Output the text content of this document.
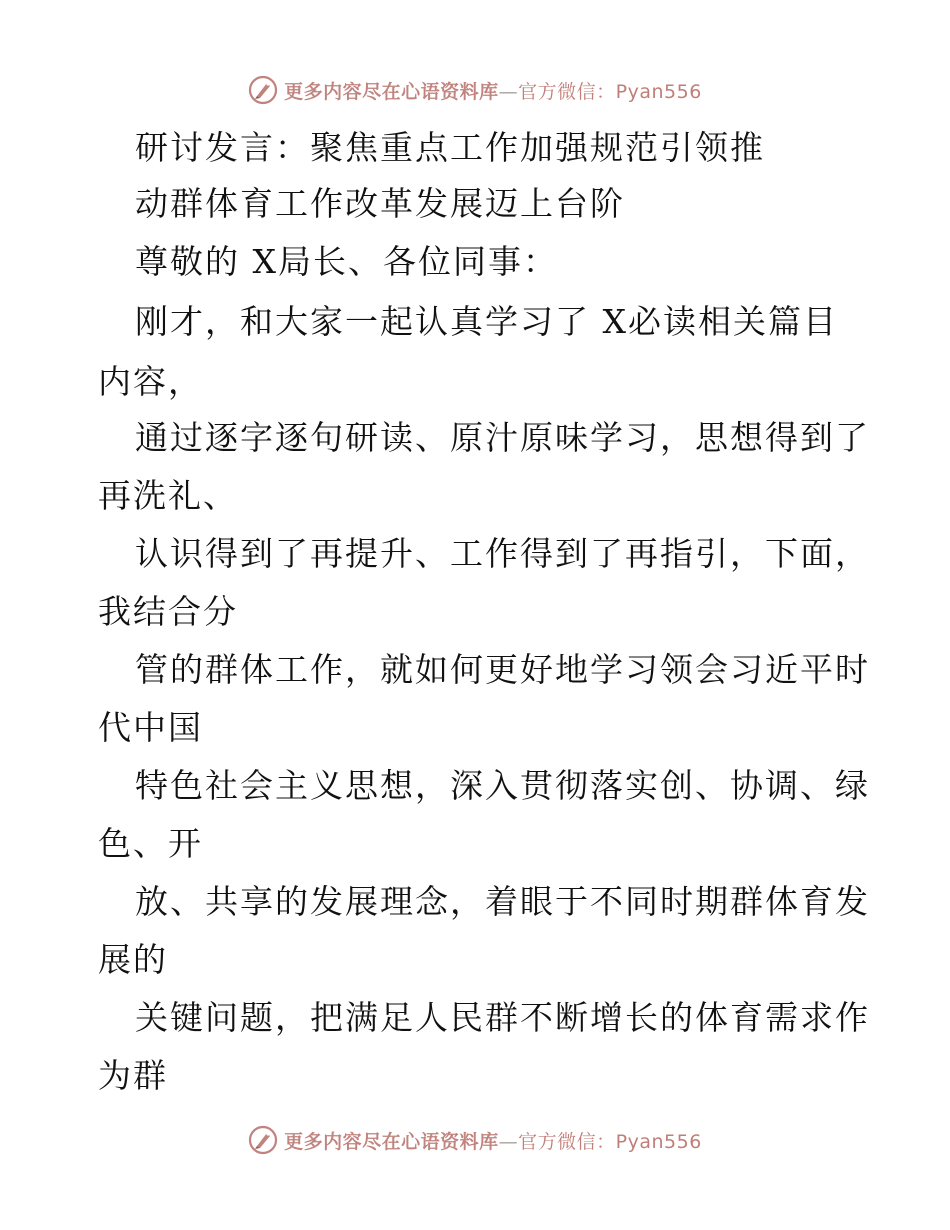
更多内容尽在心语资料库—官方微信：Pyan556
研讨发言：聚焦重点工作加强规范引领推
动群体育工作改革发展迈上台阶
尊敬的 X局长、各位同事：
刚才，和大家一起认真学习了 X必读相关篇目
内容，
通过逐字逐句研读、原汁原味学习，思想得到了
再洗礼、
认识得到了再提升、工作得到了再指引，下面，
我结合分
管的群体工作，就如何更好地学习领会习近平时
代中国
特色社会主义思想，深入贯彻落实创、协调、绿
色、开
放、共享的发展理念，着眼于不同时期群体育发
展的
关键问题，把满足人民群不断增长的体育需求作
为群
更多内容尽在心语资料库—官方微信：Pyan556
